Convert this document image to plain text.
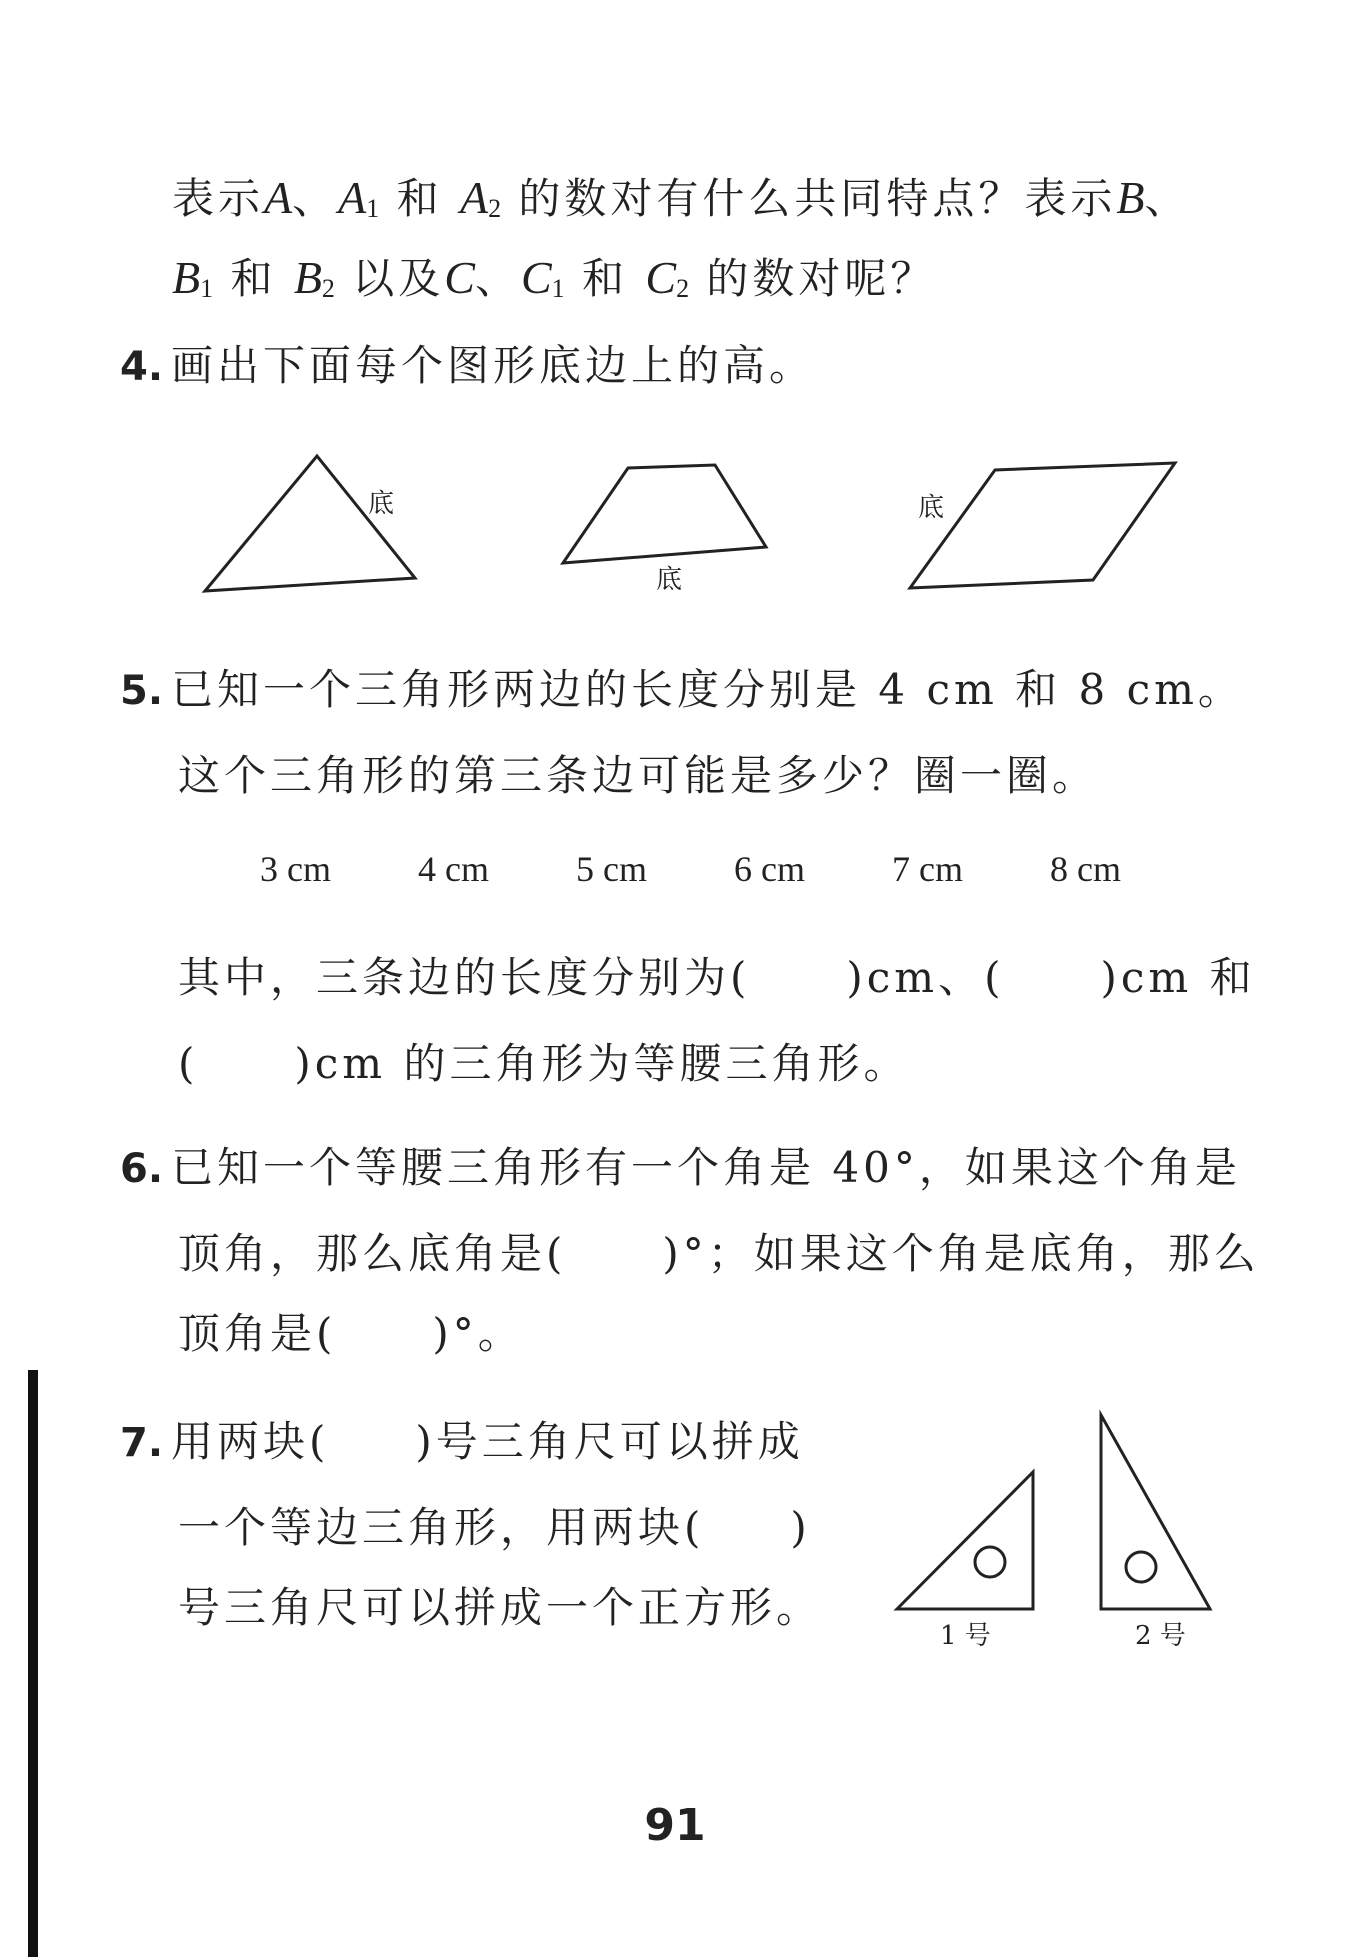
表示A、$A_1$ 和 $A_2$ 的数对有什么共同特点？表示B、
$B_1$ 和 $B_2$ 以及C、$C_1$ 和 $C_2$ 的数对呢？
4. 画出下面每个图形底边上的高。
底
底
底
1 号	2 号
5. 已知一个三角形两边的长度分别是 4 cm 和 8 cm。
这个三角形的第三条边可能是多少？圈一圈。
3 cm 4 cm 5 cm 6 cm 7 cm 8 cm
其中，三条边的长度分别为( )cm、( )cm 和
( )cm 的三角形为等腰三角形。
6. 已知一个等腰三角形有一个角是 40°，如果这个角是
顶角，那么底角是( )°；如果这个角是底角，那么
顶角是( )°。
7. 用两块( )号三角尺可以拼成
一个等边三角形，用两块( )
号三角尺可以拼成一个正方形。
91
